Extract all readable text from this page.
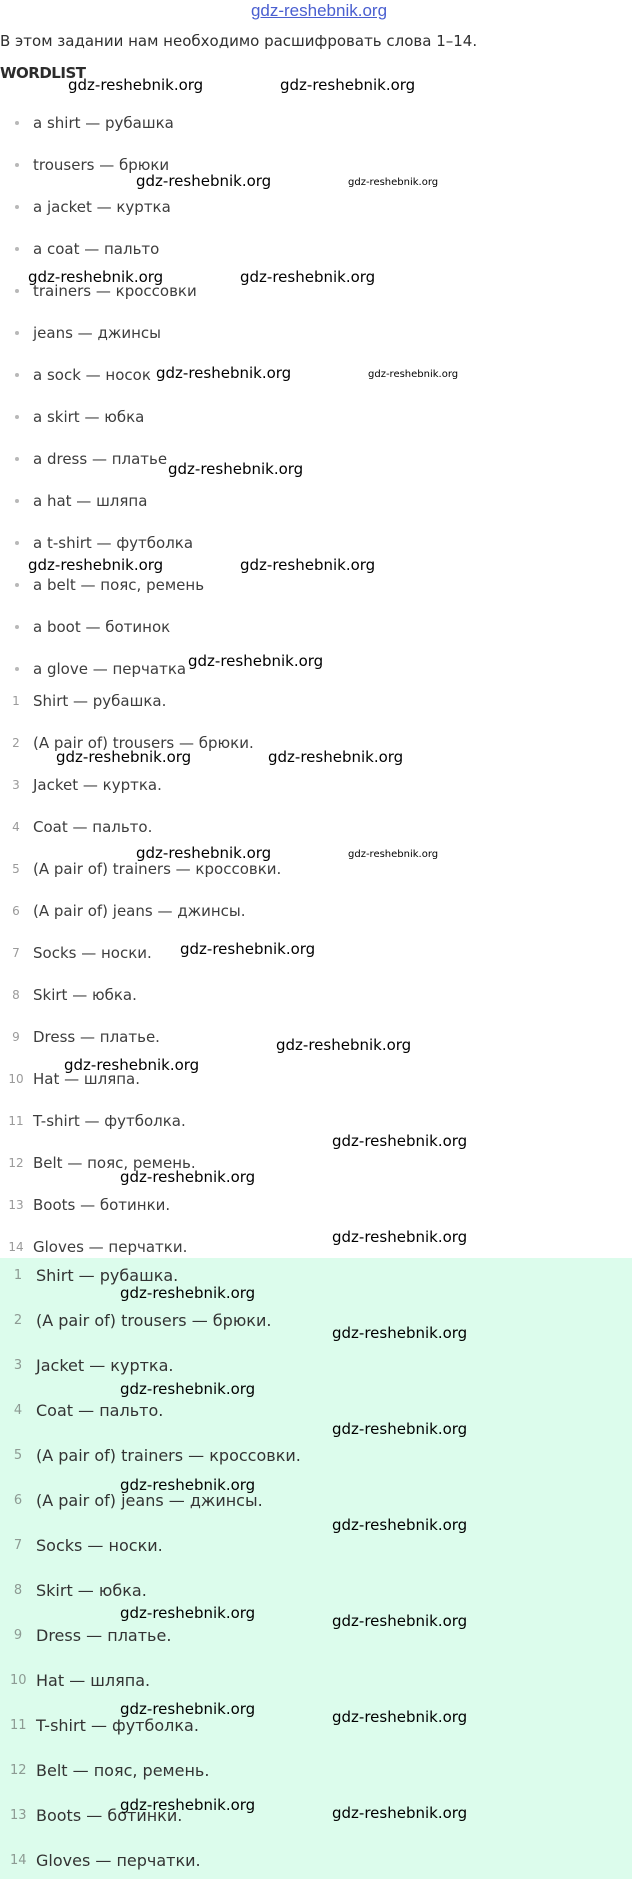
gdz-reshebnik.org
В этом задании нам необходимо расшифровать слова 1–14.
WORDLIST
a shirt — рубашка
trousers — брюки
a jacket — куртка
a coat — пальто
trainers — кроссовки
jeans — джинсы
a sock — носок
a skirt — юбка
a dress — платье
a hat — шляпа
a t-shirt — футболка
a belt — пояс, ремень
a boot — ботинок
a glove — перчатка
1 Shirt — рубашка.
2 (A pair of) trousers — брюки.
3 Jacket — куртка.
4 Coat — пальто.
5 (A pair of) trainers — кроссовки.
6 (A pair of) jeans — джинсы.
7 Socks — носки.
8 Skirt — юбка.
9 Dress — платье.
10 Hat — шляпа.
11 T-shirt — футболка.
12 Belt — пояс, ремень.
13 Boots — ботинки.
14 Gloves — перчатки.
1 Shirt — рубашка.
2 (A pair of) trousers — брюки.
3 Jacket — куртка.
4 Coat — пальто.
5 (A pair of) trainers — кроссовки.
6 (A pair of) jeans — джинсы.
7 Socks — носки.
8 Skirt — юбка.
9 Dress — платье.
10 Hat — шляпа.
11 T-shirt — футболка.
12 Belt — пояс, ремень.
13 Boots — ботинки.
14 Gloves — перчатки.
gdz-reshebnik.org	gdz-reshebnik.org
gdz-reshebnik.org	gdz-reshebnik.org
gdz-reshebnik.org	gdz-reshebnik.org
gdz-reshebnik.org	gdz-reshebnik.org
gdz-reshebnik.org
gdz-reshebnik.org	gdz-reshebnik.org
gdz-reshebnik.org
gdz-reshebnik.org	gdz-reshebnik.org
gdz-reshebnik.org	gdz-reshebnik.org
gdz-reshebnik.org
gdz-reshebnik.org
gdz-reshebnik.org
gdz-reshebnik.org
gdz-reshebnik.org
gdz-reshebnik.org
gdz-reshebnik.org
gdz-reshebnik.org
gdz-reshebnik.org
gdz-reshebnik.org
gdz-reshebnik.org
gdz-reshebnik.org
gdz-reshebnik.org	gdz-reshebnik.org
gdz-reshebnik.org	gdz-reshebnik.org
gdz-reshebnik.org	gdz-reshebnik.org
